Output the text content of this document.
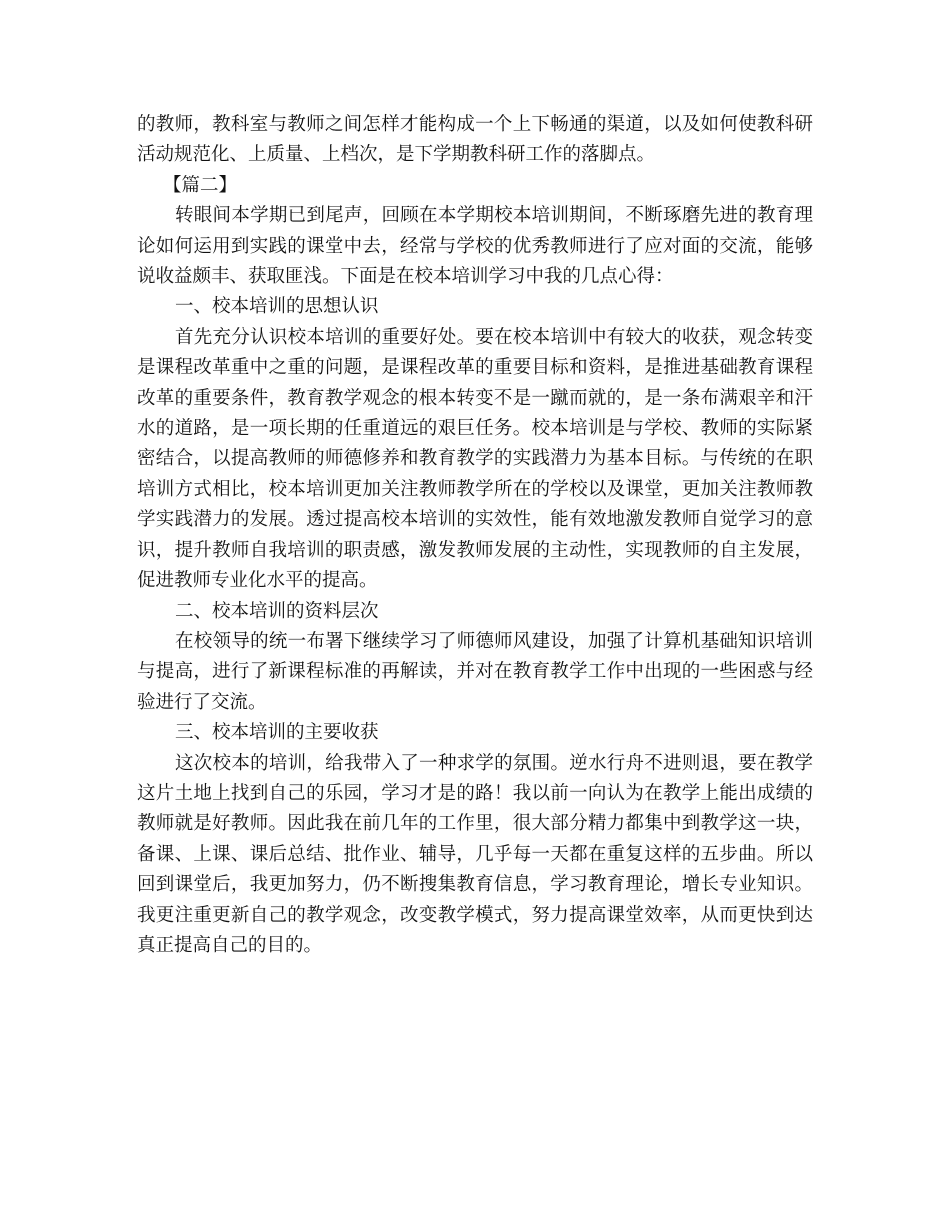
的教师，教科室与教师之间怎样才能构成一个上下畅通的渠道，以及如何使教科研活动规范化、上质量、上档次，是下学期教科研工作的落脚点。

【篇二】

转眼间本学期已到尾声，回顾在本学期校本培训期间，不断琢磨先进的教育理论如何运用到实践的课堂中去，经常与学校的优秀教师进行了应对面的交流，能够说收益颇丰、获取匪浅。下面是在校本培训学习中我的几点心得：

一、校本培训的思想认识

首先充分认识校本培训的重要好处。要在校本培训中有较大的收获，观念转变是课程改革重中之重的问题，是课程改革的重要目标和资料，是推进基础教育课程改革的重要条件，教育教学观念的根本转变不是一蹴而就的，是一条布满艰辛和汗水的道路，是一项长期的任重道远的艰巨任务。校本培训是与学校、教师的实际紧密结合，以提高教师的师德修养和教育教学的实践潜力为基本目标。与传统的在职培训方式相比，校本培训更加关注教师教学所在的学校以及课堂，更加关注教师教学实践潜力的发展。透过提高校本培训的实效性，能有效地激发教师自觉学习的意识，提升教师自我培训的职责感，激发教师发展的主动性，实现教师的自主发展，促进教师专业化水平的提高。

二、校本培训的资料层次

在校领导的统一布署下继续学习了师德师风建设，加强了计算机基础知识培训与提高，进行了新课程标准的再解读，并对在教育教学工作中出现的一些困惑与经验进行了交流。

三、校本培训的主要收获

这次校本的培训，给我带入了一种求学的氛围。逆水行舟不进则退，要在教学这片土地上找到自己的乐园，学习才是的路！我以前一向认为在教学上能出成绩的教师就是好教师。因此我在前几年的工作里，很大部分精力都集中到教学这一块，备课、上课、课后总结、批作业、辅导，几乎每一天都在重复这样的五步曲。所以回到课堂后，我更加努力，仍不断搜集教育信息，学习教育理论，增长专业知识。我更注重更新自己的教学观念，改变教学模式，努力提高课堂效率，从而更快到达真正提高自己的目的。
